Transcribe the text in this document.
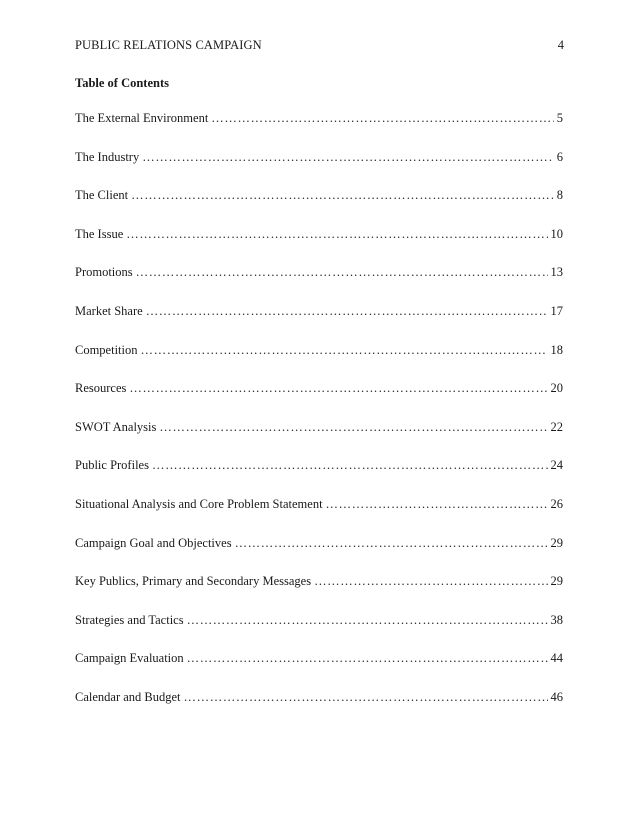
PUBLIC RELATIONS CAMPAIGN	4
Table of Contents
The External Environment ……………………………………………………………………………………………………………………………………………………………………	5
The Industry ……………………………………………………………………………………………………………………………………………………………………	6
The Client ……………………………………………………………………………………………………………………………………………………………………	8
The Issue ……………………………………………………………………………………………………………………………………………………………………	10
Promotions ……………………………………………………………………………………………………………………………………………………………………	13
Market Share ……………………………………………………………………………………………………………………………………………………………………	17
Competition ……………………………………………………………………………………………………………………………………………………………………	18
Resources ……………………………………………………………………………………………………………………………………………………………………	20
SWOT Analysis ……………………………………………………………………………………………………………………………………………………………………	22
Public Profiles ……………………………………………………………………………………………………………………………………………………………………	24
Situational Analysis and Core Problem Statement ……………………………………………………………………………………………………………………………………………………………………	26
Campaign Goal and Objectives ……………………………………………………………………………………………………………………………………………………………………	29
Key Publics, Primary and Secondary Messages ……………………………………………………………………………………………………………………………………………………………………	29
Strategies and Tactics ……………………………………………………………………………………………………………………………………………………………………	38
Campaign Evaluation ……………………………………………………………………………………………………………………………………………………………………	44
Calendar and Budget ……………………………………………………………………………………………………………………………………………………………………	46
